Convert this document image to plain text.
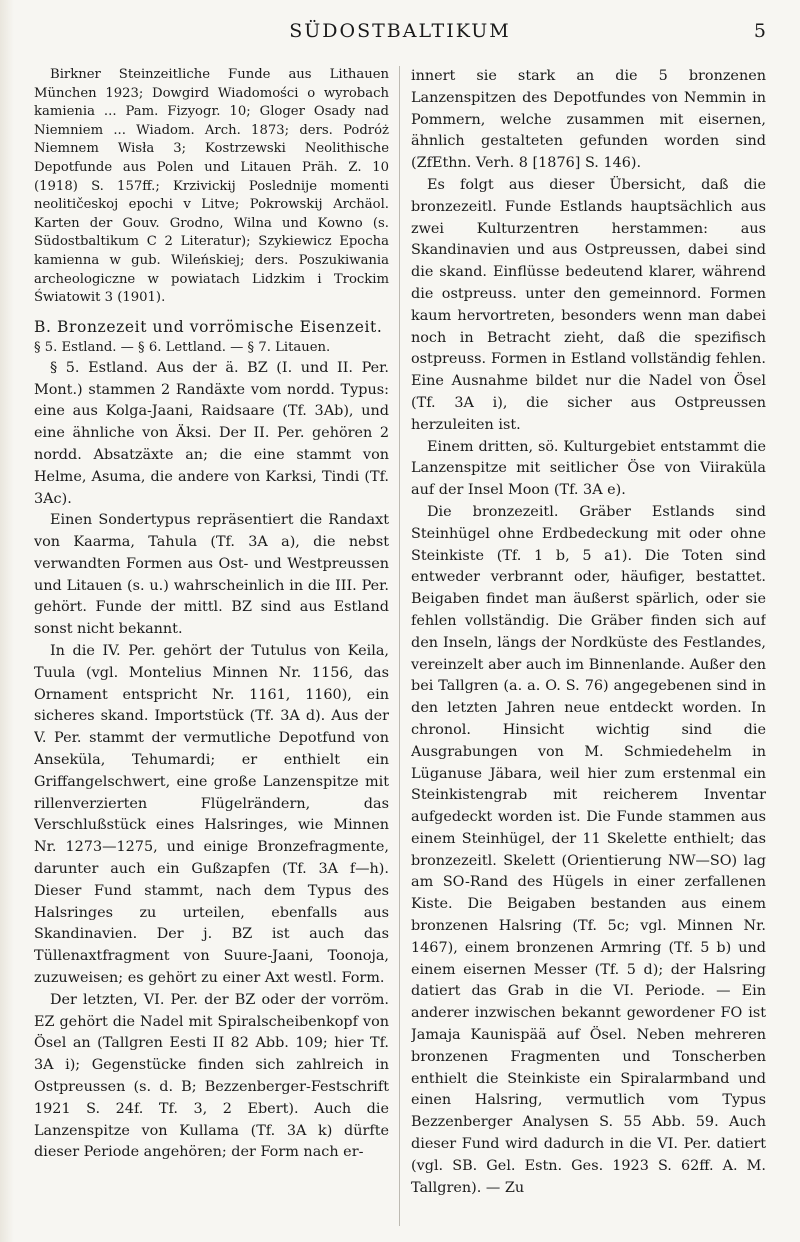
SÜDOSTBALTIKUM	5

Birkner Steinzeitliche Funde aus Lithauen München 1923; Dowgird Wiadomości o wyrobach kamienia ... Pam. Fizyogr. 10; Gloger Osady nad Niemniem ... Wiadom. Arch. 1873; ders. Podróż Niemnem Wisła 3; Kostrzewski Neolithische Depotfunde aus Polen und Litauen Präh. Z. 10 (1918) S. 157ff.; Krzivickij Poslednije momenti neolitičeskoj epochi v Litve; Pokrowskij Archäol. Karten der Gouv. Grodno, Wilna und Kowno (s. Südostbaltikum C 2 Literatur); Szykiewicz Epocha kamienna w gub. Wileńskiej; ders. Poszukiwania archeologiczne w powiatach Lidzkim i Trockim Światowit 3 (1901).

B. Bronzezeit und vorrömische Eisenzeit.

§ 5. Estland. — § 6. Lettland. — § 7. Litauen.

§ 5. Estland. Aus der ä. BZ (I. und II. Per. Mont.) stammen 2 Randäxte vom nordd. Typus: eine aus Kolga-Jaani, Raidsaare (Tf. 3Ab), und eine ähnliche von Äksi. Der II. Per. gehören 2 nordd. Absatzäxte an; die eine stammt von Helme, Asuma, die andere von Karksi, Tindi (Tf. 3Ac).

Einen Sondertypus repräsentiert die Randaxt von Kaarma, Tahula (Tf. 3A a), die nebst verwandten Formen aus Ost- und Westpreussen und Litauen (s. u.) wahrscheinlich in die III. Per. gehört. Funde der mittl. BZ sind aus Estland sonst nicht bekannt.

In die IV. Per. gehört der Tutulus von Keila, Tuula (vgl. Montelius Minnen Nr. 1156, das Ornament entspricht Nr. 1161, 1160), ein sicheres skand. Importstück (Tf. 3A d). Aus der V. Per. stammt der vermutliche Depotfund von Anseküla, Tehumardi; er enthielt ein Griffangelschwert, eine große Lanzenspitze mit rillenverzierten Flügelrändern, das Verschlußstück eines Halsringes, wie Minnen Nr. 1273—1275, und einige Bronzefragmente, darunter auch ein Gußzapfen (Tf. 3A f—h). Dieser Fund stammt, nach dem Typus des Halsringes zu urteilen, ebenfalls aus Skandinavien. Der j. BZ ist auch das Tüllenaxtfragment von Suure-Jaani, Toonoja, zuzuweisen; es gehört zu einer Axt westl. Form.

Der letzten, VI. Per. der BZ oder der vorröm. EZ gehört die Nadel mit Spiralscheibenkopf von Ösel an (Tallgren Eesti II 82 Abb. 109; hier Tf. 3A i); Gegenstücke finden sich zahlreich in Ostpreussen (s. d. B; Bezzenberger-Festschrift 1921 S. 24f. Tf. 3, 2 Ebert). Auch die Lanzenspitze von Kullama (Tf. 3A k) dürfte dieser Periode angehören; der Form nach er-

innert sie stark an die 5 bronzenen Lanzenspitzen des Depotfundes von Nemmin in Pommern, welche zusammen mit eisernen, ähnlich gestalteten gefunden worden sind (ZfEthn. Verh. 8 [1876] S. 146).

Es folgt aus dieser Übersicht, daß die bronzezeitl. Funde Estlands hauptsächlich aus zwei Kulturzentren herstammen: aus Skandinavien und aus Ostpreussen, dabei sind die skand. Einflüsse bedeutend klarer, während die ostpreuss. unter den gemeinnord. Formen kaum hervortreten, besonders wenn man dabei noch in Betracht zieht, daß die spezifisch ostpreuss. Formen in Estland vollständig fehlen. Eine Ausnahme bildet nur die Nadel von Ösel (Tf. 3A i), die sicher aus Ostpreussen herzuleiten ist.

Einem dritten, sö. Kulturgebiet entstammt die Lanzenspitze mit seitlicher Öse von Viiraküla auf der Insel Moon (Tf. 3A e).

Die bronzezeitl. Gräber Estlands sind Steinhügel ohne Erdbedeckung mit oder ohne Steinkiste (Tf. 1 b, 5 a1). Die Toten sind entweder verbrannt oder, häufiger, bestattet. Beigaben findet man äußerst spärlich, oder sie fehlen vollständig. Die Gräber finden sich auf den Inseln, längs der Nordküste des Festlandes, vereinzelt aber auch im Binnenlande. Außer den bei Tallgren (a. a. O. S. 76) angegebenen sind in den letzten Jahren neue entdeckt worden. In chronol. Hinsicht wichtig sind die Ausgrabungen von M. Schmiedehelm in Lüganuse Jäbara, weil hier zum erstenmal ein Steinkistengrab mit reicherem Inventar aufgedeckt worden ist. Die Funde stammen aus einem Steinhügel, der 11 Skelette enthielt; das bronzezeitl. Skelett (Orientierung NW—SO) lag am SO-Rand des Hügels in einer zerfallenen Kiste. Die Beigaben bestanden aus einem bronzenen Halsring (Tf. 5c; vgl. Minnen Nr. 1467), einem bronzenen Armring (Tf. 5 b) und einem eisernen Messer (Tf. 5 d); der Halsring datiert das Grab in die VI. Periode. — Ein anderer inzwischen bekannt gewordener FO ist Jamaja Kaunispää auf Ösel. Neben mehreren bronzenen Fragmenten und Tonscherben enthielt die Steinkiste ein Spiralarmband und einen Halsring, vermutlich vom Typus Bezzenberger Analysen S. 55 Abb. 59. Auch dieser Fund wird dadurch in die VI. Per. datiert (vgl. SB. Gel. Estn. Ges. 1923 S. 62ff. A. M. Tallgren). — Zu
